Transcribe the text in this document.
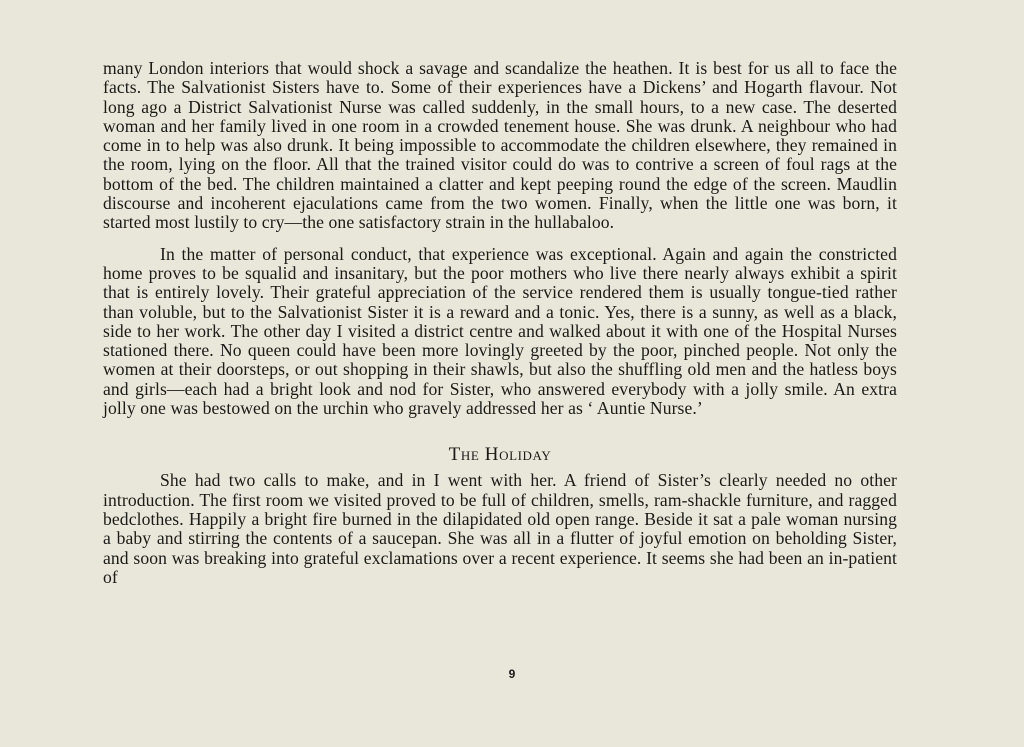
many London interiors that would shock a savage and scandalize the heathen. It is best for us all to face the facts. The Salvationist Sisters have to. Some of their experiences have a Dickens’ and Hogarth flavour. Not long ago a District Salvationist Nurse was called suddenly, in the small hours, to a new case. The deserted woman and her family lived in one room in a crowded tenement house. She was drunk. A neighbour who had come in to help was also drunk. It being impossible to accommodate the children elsewhere, they remained in the room, lying on the floor. All that the trained visitor could do was to contrive a screen of foul rags at the bottom of the bed. The children maintained a clatter and kept peeping round the edge of the screen. Maudlin discourse and incoherent ejaculations came from the two women. Finally, when the little one was born, it started most lustily to cry—the one satisfactory strain in the hullabaloo.

In the matter of personal conduct, that experience was exceptional. Again and again the constricted home proves to be squalid and insanitary, but the poor mothers who live there nearly always exhibit a spirit that is entirely lovely. Their grateful appreciation of the service rendered them is usually tongue-tied rather than voluble, but to the Salvationist Sister it is a reward and a tonic. Yes, there is a sunny, as well as a black, side to her work. The other day I visited a district centre and walked about it with one of the Hospital Nurses stationed there. No queen could have been more lovingly greeted by the poor, pinched people. Not only the women at their doorsteps, or out shopping in their shawls, but also the shuffling old men and the hatless boys and girls—each had a bright look and nod for Sister, who answered everybody with a jolly smile. An extra jolly one was bestowed on the urchin who gravely addressed her as ‘ Auntie Nurse.’

The Holiday

She had two calls to make, and in I went with her. A friend of Sister’s clearly needed no other introduction. The first room we visited proved to be full of children, smells, ram-shackle furniture, and ragged bedclothes. Happily a bright fire burned in the dilapidated old open range. Beside it sat a pale woman nursing a baby and stirring the contents of a saucepan. She was all in a flutter of joyful emotion on beholding Sister, and soon was breaking into grateful exclamations over a recent experience. It seems she had been an in-patient of

9
